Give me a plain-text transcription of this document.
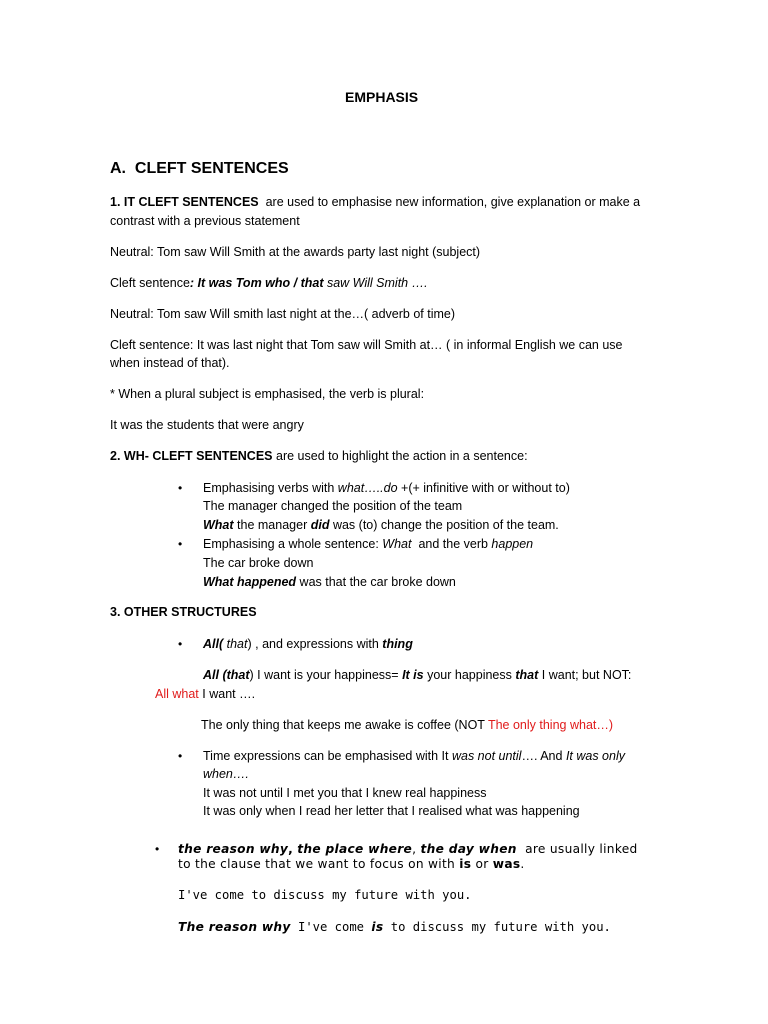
EMPHASIS
A. CLEFT SENTENCES
1. IT CLEFT SENTENCES are used to emphasise new information, give explanation or make a
contrast with a previous statement
Neutral: Tom saw Will Smith at the awards party last night (subject)
Cleft sentence: It was Tom who / that saw Will Smith ….
Neutral: Tom saw Will smith last night at the…( adverb of time)
Cleft sentence: It was last night that Tom saw will Smith at… ( in informal English we can use
when instead of that).
* When a plural subject is emphasised, the verb is plural:
It was the students that were angry
2. WH- CLEFT SENTENCES are used to highlight the action in a sentence:
• Emphasising verbs with what…..do +(+ infinitive with or without to)
The manager changed the position of the team
What the manager did was (to) change the position of the team.
• Emphasising a whole sentence: What and the verb happen
The car broke down
What happened was that the car broke down
3. OTHER STRUCTURES
• All( that) , and expressions with thing
All (that) I want is your happiness= It is your happiness that I want; but NOT:
All what I want ….
The only thing that keeps me awake is coffee (NOT The only thing what…)
• Time expressions can be emphasised with It was not until…. And It was only
when….
It was not until I met you that I knew real happiness
It was only when I read her letter that I realised what was happening
• the reason why, the place where, the day when are usually linked
to the clause that we want to focus on with is or was.
I've come to discuss my future with you.
The reason why I've come is to discuss my future with you.
